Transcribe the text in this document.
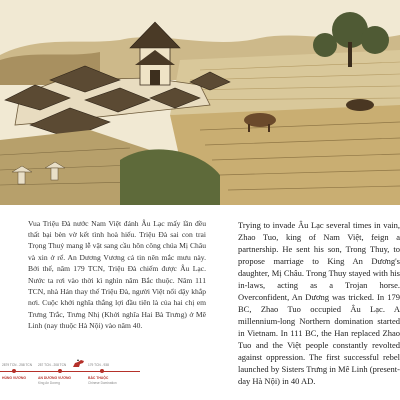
Vua Triệu Đà nước Nam Việt đánh Âu Lạc mấy lần đều thất bại bèn vờ kết tình hoà hiếu. Triệu Đà sai con trai Trọng Thuỷ mang lễ vật sang cầu hôn công chúa Mị Châu và xin ở rể. An Dương Vương cả tin nên mắc mưu này. Bởi thế, năm 179 TCN, Triệu Đà chiếm được Âu Lạc. Nước ta rơi vào thời kì nghìn năm Bắc thuộc. Năm 111 TCN, nhà Hán thay thế Triệu Đà, người Việt nổi dậy khắp nơi. Cuộc khởi nghĩa thắng lợi đầu tiên là của hai chị em Trưng Trắc, Trưng Nhị (Khởi nghĩa Hai Bà Trưng) ở Mê Linh (nay thuộc Hà Nội) vào năm 40.

Trying to invade Âu Lạc several times in vain, Zhao Tuo, king of Nam Việt, feign a partnership. He sent his son, Trong Thuy, to propose marriage to King An Dương's daughter, Mị Châu. Trong Thuy stayed with his in-laws, acting as a Trojan horse. Overconfident, An Dương was tricked. In 179 BC, Zhao Tuo occupied Âu Lạc. A millennium-long Northern domination started in Vietnam. In 111 BC, the Han replaced Zhao Tuo and the Việt people constantly revolted against oppression. The first successful rebel launched by Sisters Trưng in Mê Linh (present-day Hà Nội) in 40 AD.

2879 TCN - 258 TCN 257 TCN - 208 TCN	179 TCN - 938
HÙNG VƯƠNG	AN DƯƠNG VƯƠNG
King An Dương
BẮC THUỘC
Chinese Domination
